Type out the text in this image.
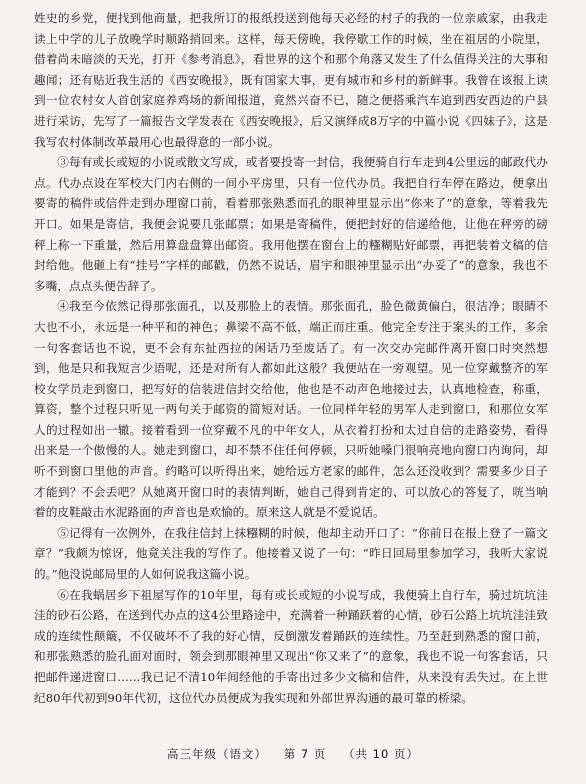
姓史的乡党，便找到他商量，把我所订的报纸投送到他每天必经的村子的我的一位亲戚家，由我走读上中学的儿子放晚学时顺路捎回来。这样，每天傍晚，我停歇工作的时候，坐在祖居的小院里，借着尚未暗淡的天光，打开《参考消息》，看世界的这个和那个角落又发生了什么值得关注的大事和趣闻；还有贴近我生活的《西安晚报》，既有国家大事，更有城市和乡村的新鲜事。我曾在该报上读到一位农村女人首创家庭养鸡场的新闻报道，竟然兴奋不已，随之便搭乘汽车追到西安西边的户县进行采访，先写了一篇报告文学发表在《西安晚报》，后又演绎成8万字的中篇小说《四妹子》，这是我写农村体制改革最用心也最得意的一部小说。

③每有或长或短的小说或散文写成，或者要投寄一封信，我便骑自行车走到4公里远的邮政代办点。代办点设在军校大门内右侧的一间小平房里，只有一位代办员。我把自行车停在路边，便拿出要寄的稿件或信件走到办理窗口前，看着那张熟悉而孔的眼神里显示出“你来了”的意象，等着我先开口。如果是寄信，我便会说要几张邮票；如果是寄稿件，便把封好的信递给他，让他在秤旁的磅秤上称一下重量，然后用算盘盘算出邮资。我用他摆在窗台上的糨糊贴好邮票，再把装着文稿的信封给他。他砸上有“挂号”字样的邮戳，仍然不说话，眉宇和眼神里显示出“办妥了”的意象，我也不多嘴，点点头便告辞了。

④我至今依然记得那张面孔，以及那脸上的表情。那张面孔，脸色微黄偏白，很洁净；眼睛不大也不小，永远是一种平和的神色；鼻梁不高不低，端正而庄重。他完全专注于案头的工作，多余一句客套话也不说，更不会有东扯西拉的闲话乃至废话了。有一次交办完邮件离开窗口时突然想到，他是只和我短言少语呢，还是对所有人都如此这般？我便站在一旁观望。见一位穿戴整齐的军校女学员走到窗口，把写好的信装进信封交给他，他也是不动声色地接过去，认真地检查，称重，算资，整个过程只听见一两句关于邮资的简短对话。一位同样年轻的男军人走到窗口，和那位女军人的过程如出一辙。接着看到一位穿戴不凡的中年女人，从衣着打扮和太过自信的走路姿势，看得出来是一个傲慢的人。她走到窗口，却不禁不住任何停顿，只听她嗓门很响亮地向窗口内询问，却听不到窗口里他的声音。约略可以听得出来，她给远方老家的邮件，怎么还没收到？需要多少日子才能到？不会丢吧？从她离开窗口时的表情判断，她自己得到肯定的、可以放心的答复了，咣当响着的皮鞋敲击水泥路面的声音也是欢愉的。原来这人就是不爱说话。

⑤记得有一次例外，在我往信封上抹糨糊的时候，他却主动开口了：“你前日在报上登了一篇文章？”我颇为惊讶，他竟关注我的写作了。他接着又说了一句：“昨日回局里参加学习，我听大家说的。”他没说邮局里的人如何说我这篇小说。

⑥在我蜗居乡下祖屋写作的10年里，每有或长或短的小说写成，我便骑上自行车，骑过坑坑洼洼的砂石公路，在送到代办点的这4公里路途中，充满着一种踊跃着的心情，砂石公路上坑坑洼洼致成的连续性颠簸，不仅破坏不了我的好心情，反倒激发着踊跃的连续性。乃至赶到熟悉的窗口前，和那张熟悉的脸孔面对面时，领会到那眼神里又现出“你又来了”的意象，我也不说一句客套话，只把邮件递进窗口……我已记不清10年间经他的手寄出过多少文稿和信件，从来没有丢失过。在上世纪80年代初到90年代初，这位代办员便成为我实现和外部世界沟通的最可靠的桥梁。

高三年级（语文） 第 7 页 （共 10 页）
